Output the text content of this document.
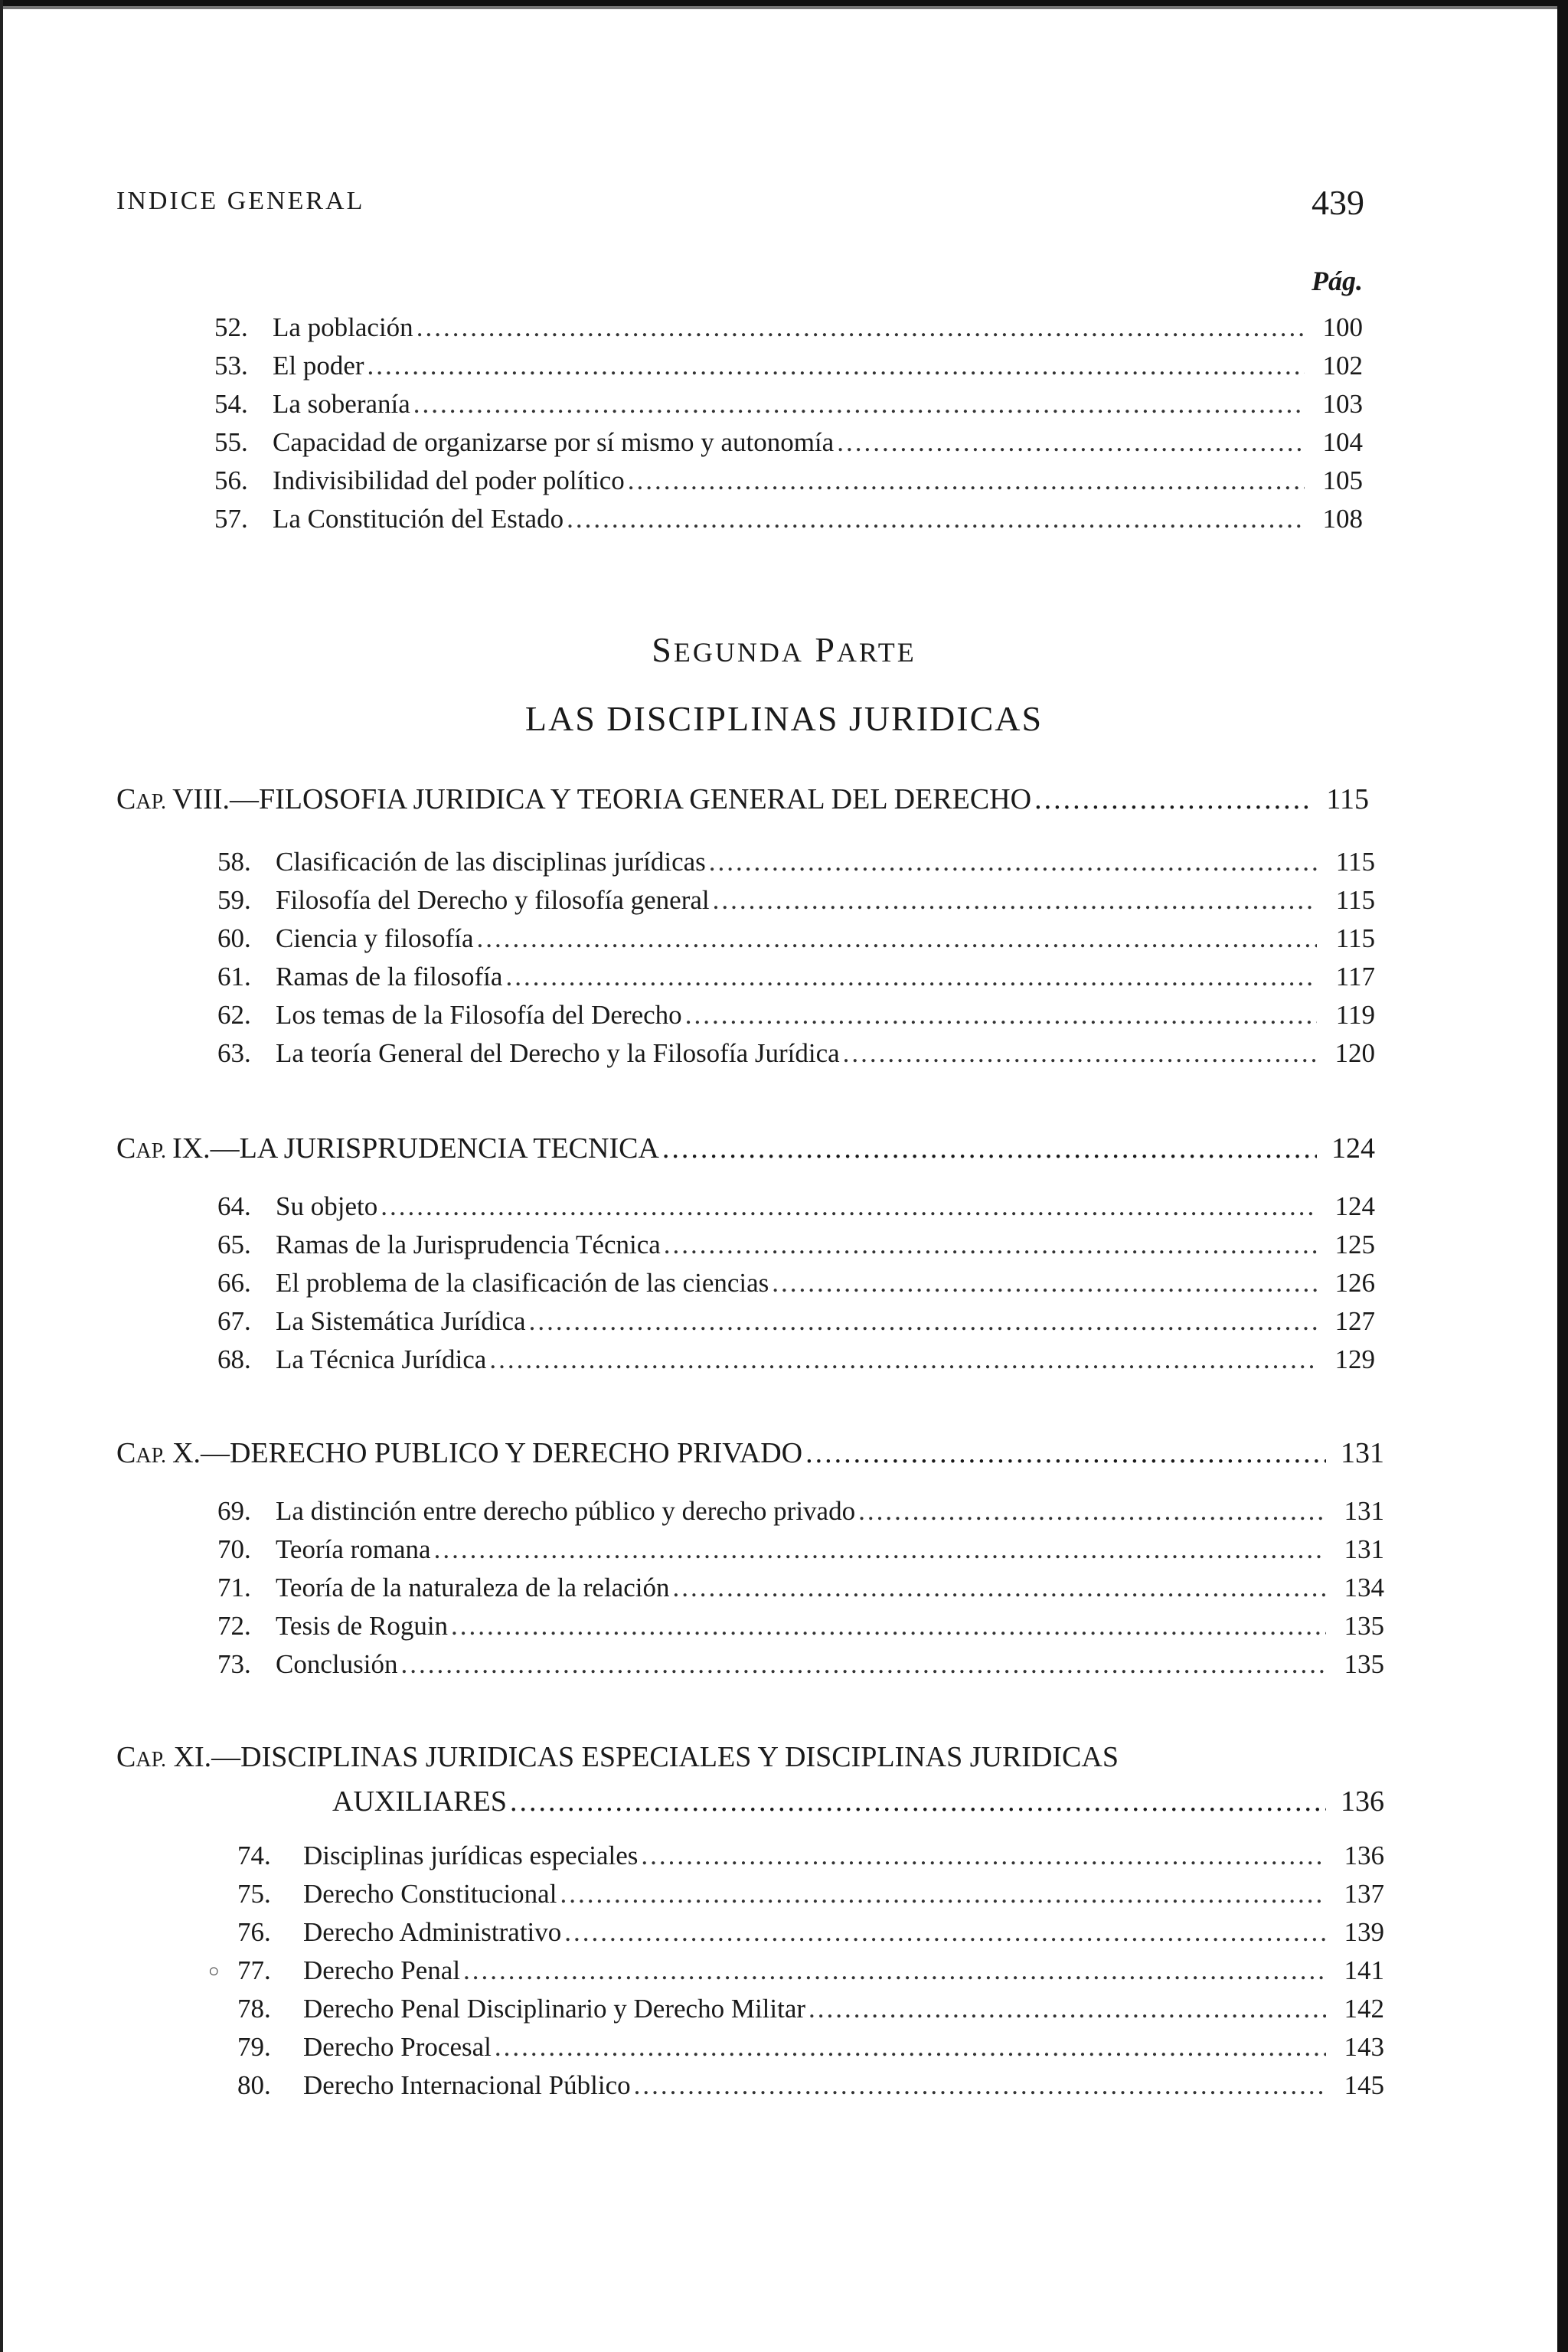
INDICE GENERAL	439
Pág.
52. La población .....	100
53. El poder .....	102
54. La soberanía .....	103
55. Capacidad de organizarse por sí mismo y autonomía .....	104
56. Indivisibilidad del poder político .....	105
57. La Constitución del Estado .....	108
SEGUNDA PARTE
LAS DISCIPLINAS JURIDICAS
CAP. VIII.—FILOSOFIA JURIDICA Y TEORIA GENERAL DEL DERECHO .....	115
58. Clasificación de las disciplinas jurídicas .....	115
59. Filosofía del Derecho y filosofía general .....	115
60. Ciencia y filosofía .....	115
61. Ramas de la filosofía .....	117
62. Los temas de la Filosofía del Derecho .....	119
63. La teoría General del Derecho y la Filosofía Jurídica .....	120
CAP. IX.—LA JURISPRUDENCIA TECNICA .....	124
64. Su objeto .....	124
65. Ramas de la Jurisprudencia Técnica .....	125
66. El problema de la clasificación de las ciencias .....	126
67. La Sistemática Jurídica .....	127
68. La Técnica Jurídica .....	129
CAP. X.—DERECHO PUBLICO Y DERECHO PRIVADO .....	131
69. La distinción entre derecho público y derecho privado .....	131
70. Teoría romana .....	131
71. Teoría de la naturaleza de la relación .....	134
72. Tesis de Roguin .....	135
73. Conclusión .....	135
CAP. XI.—DISCIPLINAS JURIDICAS ESPECIALES Y DISCIPLINAS JURIDICAS
AUXILIARES .....	136
74.	Disciplinas jurídicas especiales .....	136
75.	Derecho Constitucional .....	137
76.	Derecho Administrativo .....	139
77.	Derecho Penal .....	141
78.	Derecho Penal Disciplinario y Derecho Militar .....	142
79.	Derecho Procesal .....	143
80.	Derecho Internacional Público .....	145
○
